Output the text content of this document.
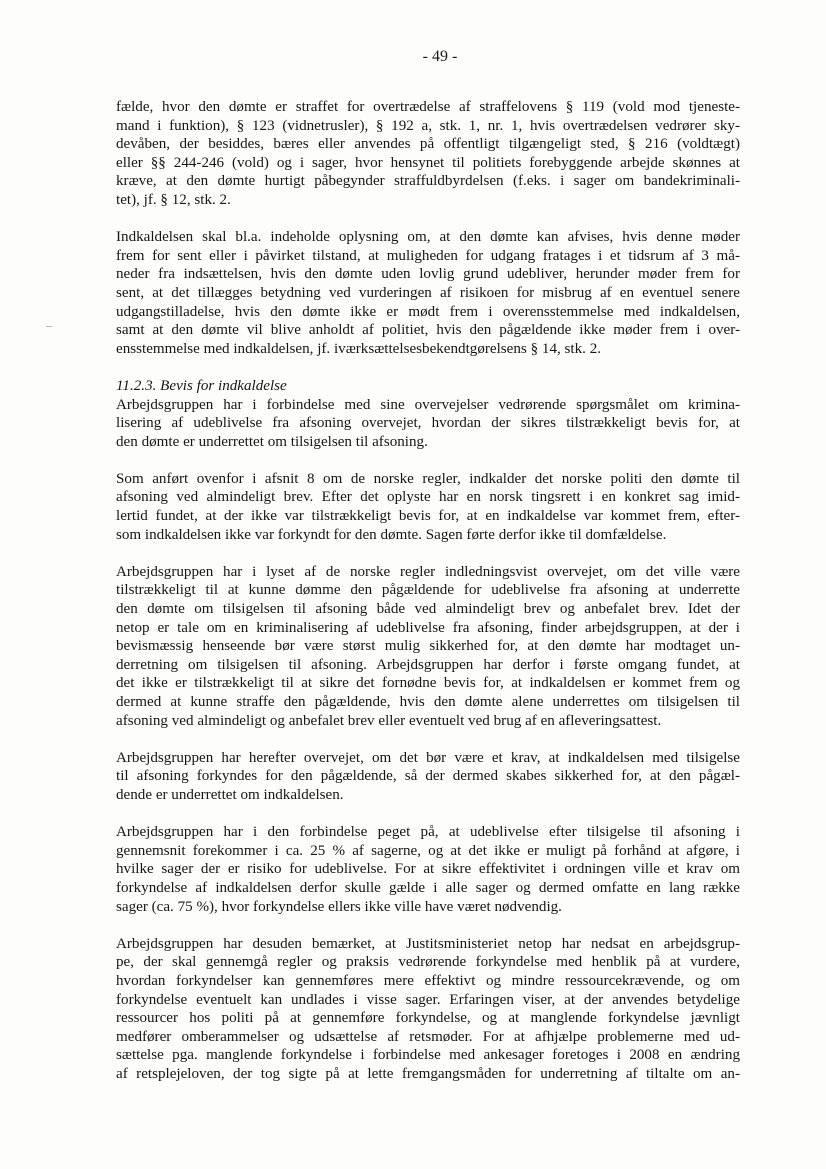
- 49 -

fælde, hvor den dømte er straffet for overtrædelse af straffelovens § 119 (vold mod tjeneste-
mand i funktion), § 123 (vidnetrusler), § 192 a, stk. 1, nr. 1, hvis overtrædelsen vedrører sky-
devåben, der besiddes, bæres eller anvendes på offentligt tilgængeligt sted, § 216 (voldtægt)
eller §§ 244-246 (vold) og i sager, hvor hensynet til politiets forebyggende arbejde skønnes at
kræve, at den dømte hurtigt påbegynder straffuldbyrdelsen (f.eks. i sager om bandekriminali-
tet), jf. § 12, stk. 2.

Indkaldelsen skal bl.a. indeholde oplysning om, at den dømte kan afvises, hvis denne møder
frem for sent eller i påvirket tilstand, at muligheden for udgang fratages i et tidsrum af 3 må-
neder fra indsættelsen, hvis den dømte uden lovlig grund udebliver, herunder møder frem for
sent, at det tillægges betydning ved vurderingen af risikoen for misbrug af en eventuel senere
udgangstilladelse, hvis den dømte ikke er mødt frem i overensstemmelse med indkaldelsen,
samt at den dømte vil blive anholdt af politiet, hvis den pågældende ikke møder frem i over-
ensstemmelse med indkaldelsen, jf. iværksættelsesbekendtgørelsens § 14, stk. 2.

11.2.3. Bevis for indkaldelse

Arbejdsgruppen har i forbindelse med sine overvejelser vedrørende spørgsmålet om krimina-
lisering af udeblivelse fra afsoning overvejet, hvordan der sikres tilstrækkeligt bevis for, at
den dømte er underrettet om tilsigelsen til afsoning.

Som anført ovenfor i afsnit 8 om de norske regler, indkalder det norske politi den dømte til
afsoning ved almindeligt brev. Efter det oplyste har en norsk tingsrett i en konkret sag imid-
lertid fundet, at der ikke var tilstrækkeligt bevis for, at en indkaldelse var kommet frem, efter-
som indkaldelsen ikke var forkyndt for den dømte. Sagen førte derfor ikke til domfældelse.

Arbejdsgruppen har i lyset af de norske regler indledningsvist overvejet, om det ville være
tilstrækkeligt til at kunne dømme den pågældende for udeblivelse fra afsoning at underrette
den dømte om tilsigelsen til afsoning både ved almindeligt brev og anbefalet brev. Idet der
netop er tale om en kriminalisering af udeblivelse fra afsoning, finder arbejdsgruppen, at der i
bevismæssig henseende bør være størst mulig sikkerhed for, at den dømte har modtaget un-
derretning om tilsigelsen til afsoning. Arbejdsgruppen har derfor i første omgang fundet, at
det ikke er tilstrækkeligt til at sikre det fornødne bevis for, at indkaldelsen er kommet frem og
dermed at kunne straffe den pågældende, hvis den dømte alene underrettes om tilsigelsen til
afsoning ved almindeligt og anbefalet brev eller eventuelt ved brug af en afleveringsattest.

Arbejdsgruppen har herefter overvejet, om det bør være et krav, at indkaldelsen med tilsigelse
til afsoning forkyndes for den pågældende, så der dermed skabes sikkerhed for, at den pågæl-
dende er underrettet om indkaldelsen.

Arbejdsgruppen har i den forbindelse peget på, at udeblivelse efter tilsigelse til afsoning i
gennemsnit forekommer i ca. 25 % af sagerne, og at det ikke er muligt på forhånd at afgøre, i
hvilke sager der er risiko for udeblivelse. For at sikre effektivitet i ordningen ville et krav om
forkyndelse af indkaldelsen derfor skulle gælde i alle sager og dermed omfatte en lang række
sager (ca. 75 %), hvor forkyndelse ellers ikke ville have været nødvendig.

Arbejdsgruppen har desuden bemærket, at Justitsministeriet netop har nedsat en arbejdsgrup-
pe, der skal gennemgå regler og praksis vedrørende forkyndelse med henblik på at vurdere,
hvordan forkyndelser kan gennemføres mere effektivt og mindre ressourcekrævende, og om
forkyndelse eventuelt kan undlades i visse sager. Erfaringen viser, at der anvendes betydelige
ressourcer hos politi på at gennemføre forkyndelse, og at manglende forkyndelse jævnligt
medfører omberammelser og udsættelse af retsmøder. For at afhjælpe problemerne med ud-
sættelse pga. manglende forkyndelse i forbindelse med ankesager foretoges i 2008 en ændring
af retsplejeloven, der tog sigte på at lette fremgangsmåden for underretning af tiltalte om an-
